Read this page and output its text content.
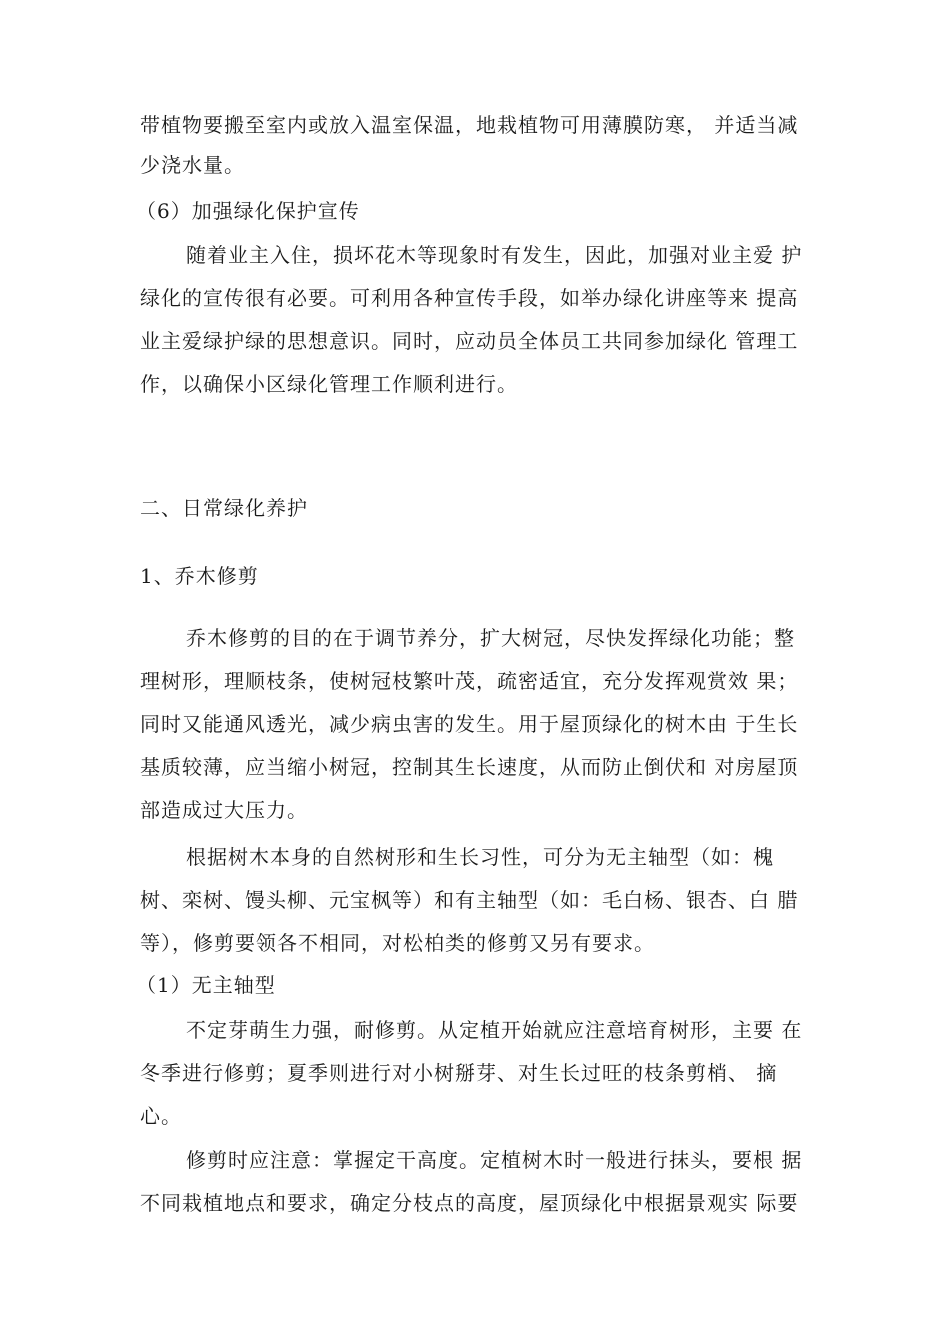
带植物要搬至室内或放入温室保温，地栽植物可用薄膜防寒， 并适当减
少浇水量。
（6）加强绿化保护宣传
随着业主入住，损坏花木等现象时有发生，因此，加强对业主爱 护
绿化的宣传很有必要。可利用各种宣传手段，如举办绿化讲座等来 提高
业主爱绿护绿的思想意识。同时，应动员全体员工共同参加绿化 管理工
作，以确保小区绿化管理工作顺利进行。
二、日常绿化养护
1、乔木修剪
乔木修剪的目的在于调节养分，扩大树冠，尽快发挥绿化功能；整
理树形，理顺枝条，使树冠枝繁叶茂，疏密适宜，充分发挥观赏效 果；
同时又能通风透光，减少病虫害的发生。用于屋顶绿化的树木由 于生长
基质较薄，应当缩小树冠，控制其生长速度，从而防止倒伏和 对房屋顶
部造成过大压力。
根据树木本身的自然树形和生长习性，可分为无主轴型（如：槐
树、栾树、馒头柳、元宝枫等）和有主轴型（如：毛白杨、银杏、白 腊
等），修剪要领各不相同，对松柏类的修剪又另有要求。
（1）无主轴型
不定芽萌生力强，耐修剪。从定植开始就应注意培育树形，主要 在
冬季进行修剪；夏季则进行对小树掰芽、对生长过旺的枝条剪梢、 摘
心。
修剪时应注意：掌握定干高度。定植树木时一般进行抹头，要根 据
不同栽植地点和要求，确定分枝点的高度，屋顶绿化中根据景观实 际要
